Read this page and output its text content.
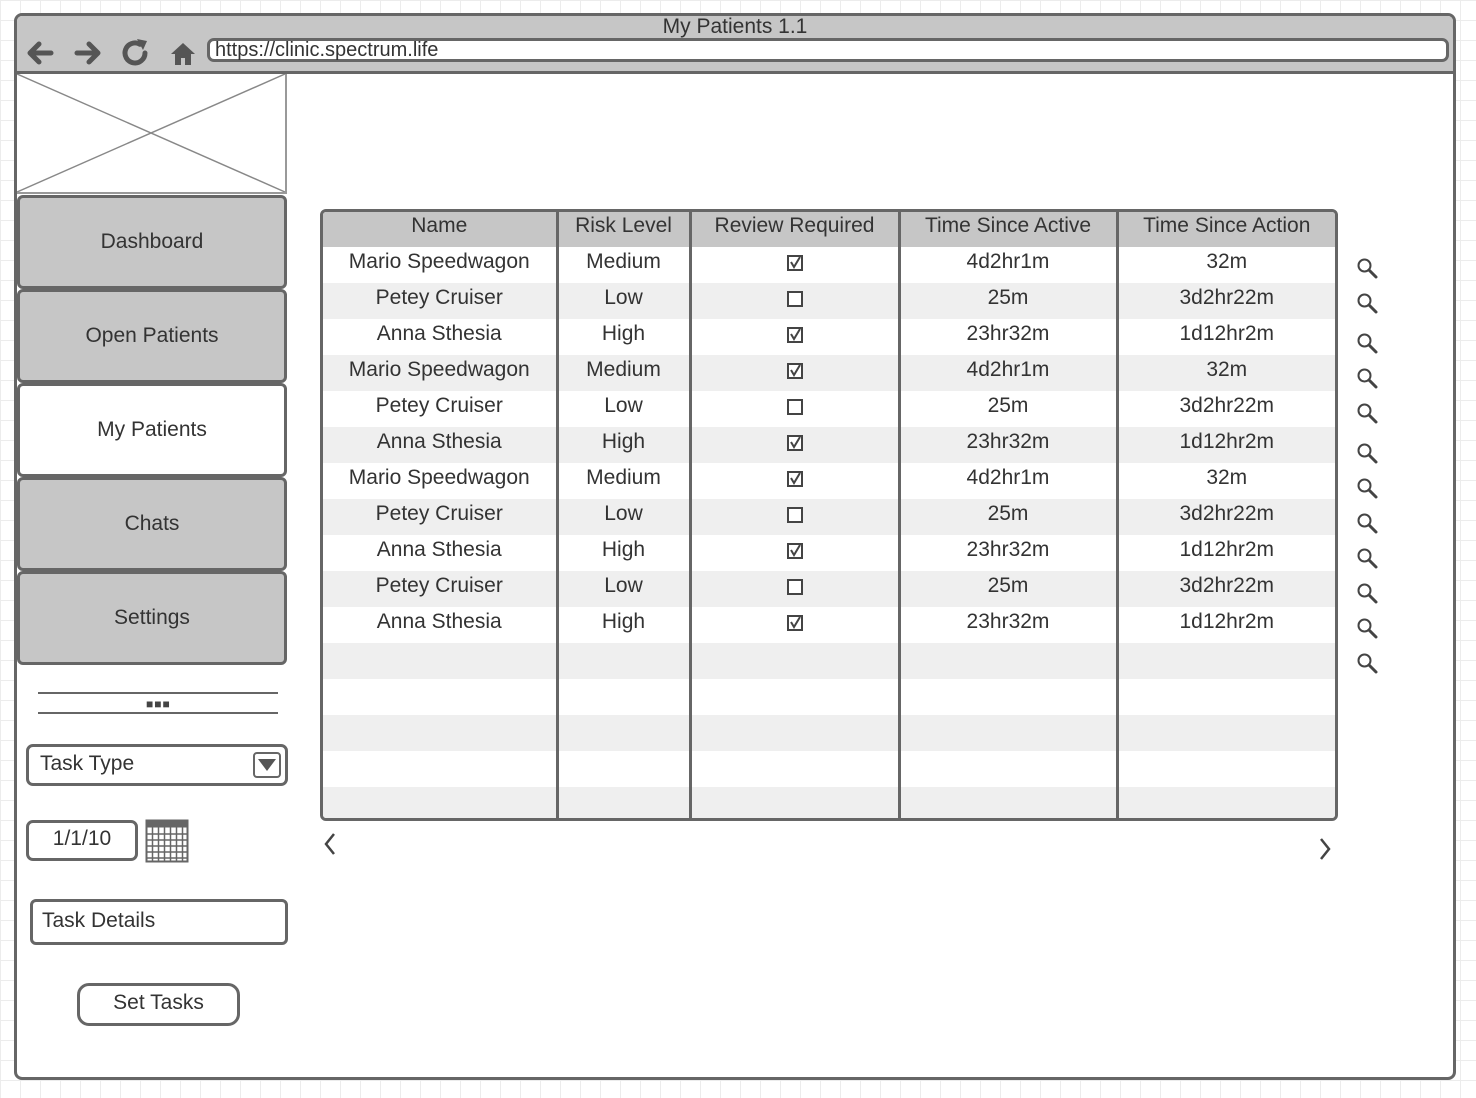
My Patients 1.1
https://clinic.spectrum.life
Dashboard
Open Patients
My Patients
Chats
Settings
■■■
Task Type
1/1/10
Task Details
Set Tasks
Name	Risk Level	Review Required	Time Since Active	Time Since Action
Mario Speedwagon	Medium		4d2hr1m	32m
Petey Cruiser	Low		25m	3d2hr22m
Anna Sthesia	High		23hr32m	1d12hr2m
Mario Speedwagon	Medium		4d2hr1m	32m
Petey Cruiser	Low		25m	3d2hr22m
Anna Sthesia	High		23hr32m	1d12hr2m
Mario Speedwagon	Medium		4d2hr1m	32m
Petey Cruiser	Low		25m	3d2hr22m
Anna Sthesia	High		23hr32m	1d12hr2m
Petey Cruiser	Low		25m	3d2hr22m
Anna Sthesia	High		23hr32m	1d12hr2m
